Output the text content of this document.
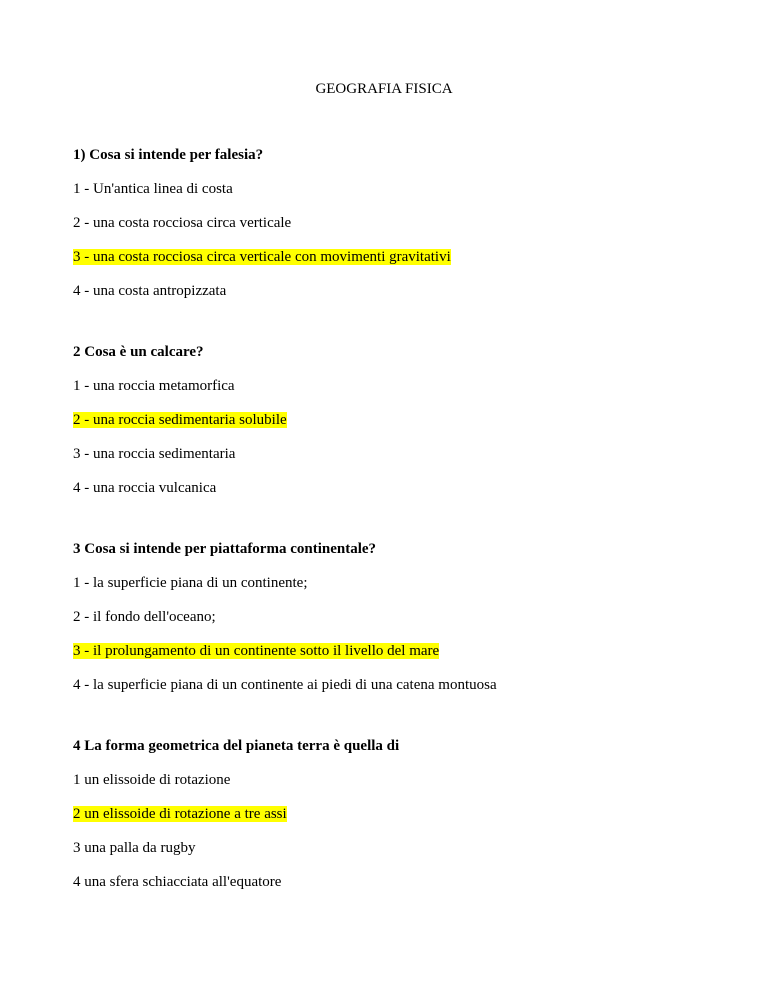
GEOGRAFIA FISICA
1) Cosa si intende per falesia?
1 - Un'antica linea di costa
2 - una costa rocciosa circa verticale
3 - una costa rocciosa circa verticale con movimenti gravitativi
4 - una costa antropizzata
2 Cosa è un calcare?
1 - una roccia metamorfica
2 - una roccia sedimentaria solubile
3 - una roccia sedimentaria
4 - una roccia vulcanica
3 Cosa si intende per piattaforma continentale?
1 - la superficie piana di un continente;
2 - il fondo dell'oceano;
3 - il prolungamento di un continente sotto il livello del mare
4 - la superficie piana di un continente ai piedi di una catena montuosa
4 La forma geometrica del pianeta terra è quella di
1 un elissoide di rotazione
2 un elissoide di rotazione a tre assi
3 una palla da rugby
4 una sfera schiacciata all'equatore
